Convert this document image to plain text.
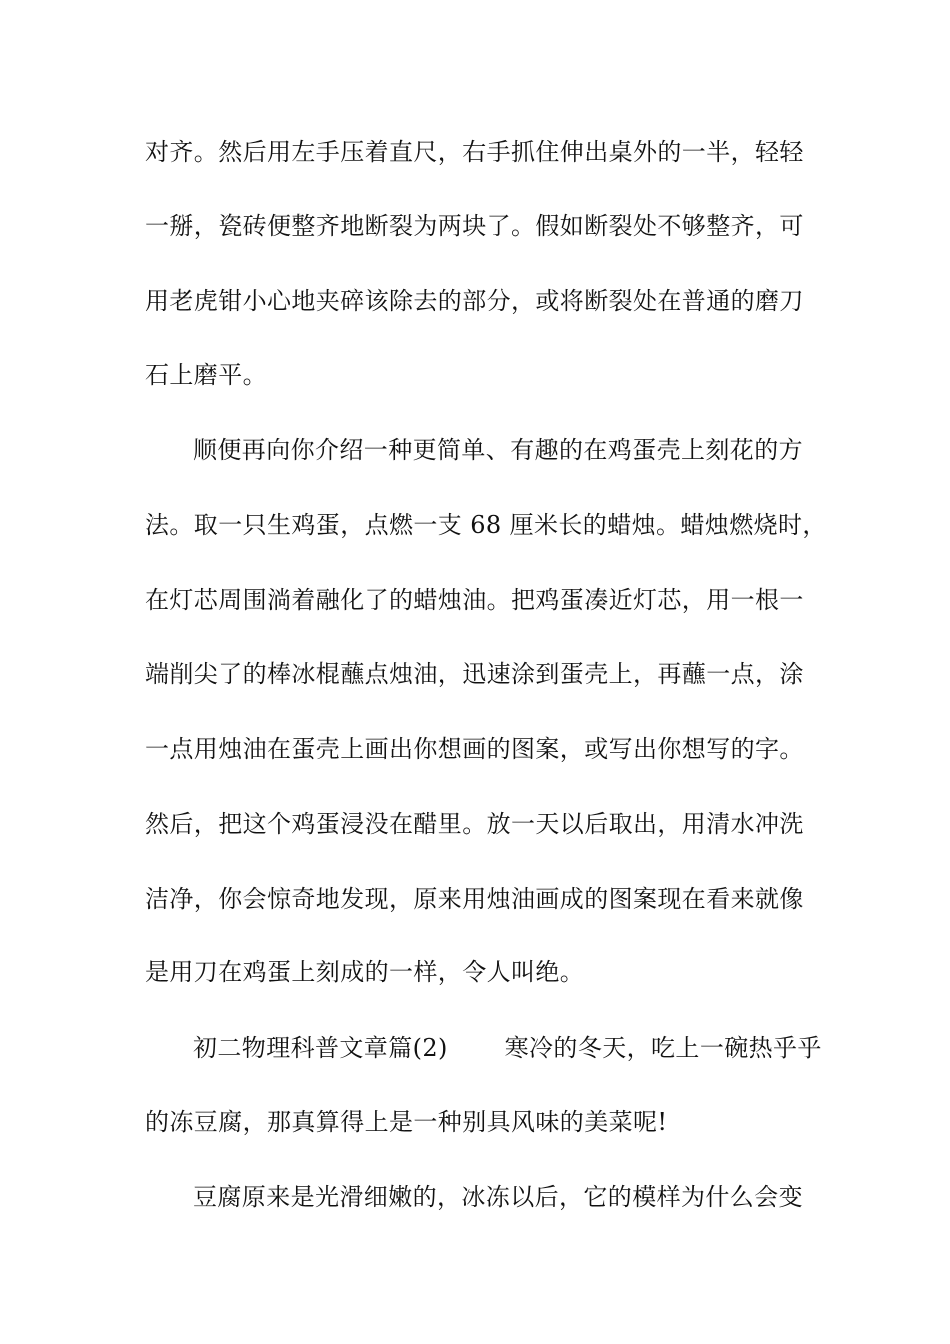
对齐。然后用左手压着直尺，右手抓住伸出桌外的一半，轻轻
一掰，瓷砖便整齐地断裂为两块了。假如断裂处不够整齐，可
用老虎钳小心地夹碎该除去的部分，或将断裂处在普通的磨刀
石上磨平。
顺便再向你介绍一种更简单、有趣的在鸡蛋壳上刻花的方
法。取一只生鸡蛋，点燃一支 68 厘米长的蜡烛。蜡烛燃烧时，
在灯芯周围淌着融化了的蜡烛油。把鸡蛋凑近灯芯，用一根一
端削尖了的棒冰棍蘸点烛油，迅速涂到蛋壳上，再蘸一点，涂
一点用烛油在蛋壳上画出你想画的图案，或写出你想写的字。
然后，把这个鸡蛋浸没在醋里。放一天以后取出，用清水冲洗
洁净，你会惊奇地发现，原来用烛油画成的图案现在看来就像
是用刀在鸡蛋上刻成的一样，令人叫绝。
初二物理科普文章篇(2)　　 寒冷的冬天，吃上一碗热乎乎
的冻豆腐，那真算得上是一种别具风味的美菜呢!
豆腐原来是光滑细嫩的，冰冻以后，它的模样为什么会变
